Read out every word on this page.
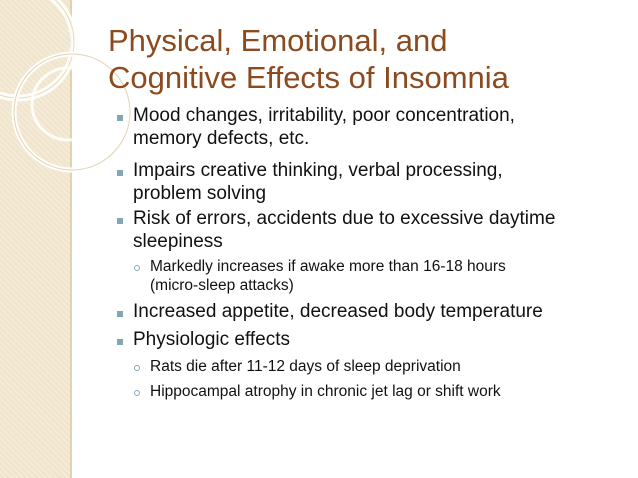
Physical, Emotional, and
Cognitive Effects of Insomnia
Mood changes, irritability, poor concentration,
memory defects, etc.
Impairs creative thinking, verbal processing,
problem solving
Risk of errors, accidents due to excessive daytime
sleepiness
Markedly increases if awake more than 16-18 hours
(micro-sleep attacks)
Increased appetite, decreased body temperature
Physiologic effects
Rats die after 11-12 days of sleep deprivation
Hippocampal atrophy in chronic jet lag or shift work
